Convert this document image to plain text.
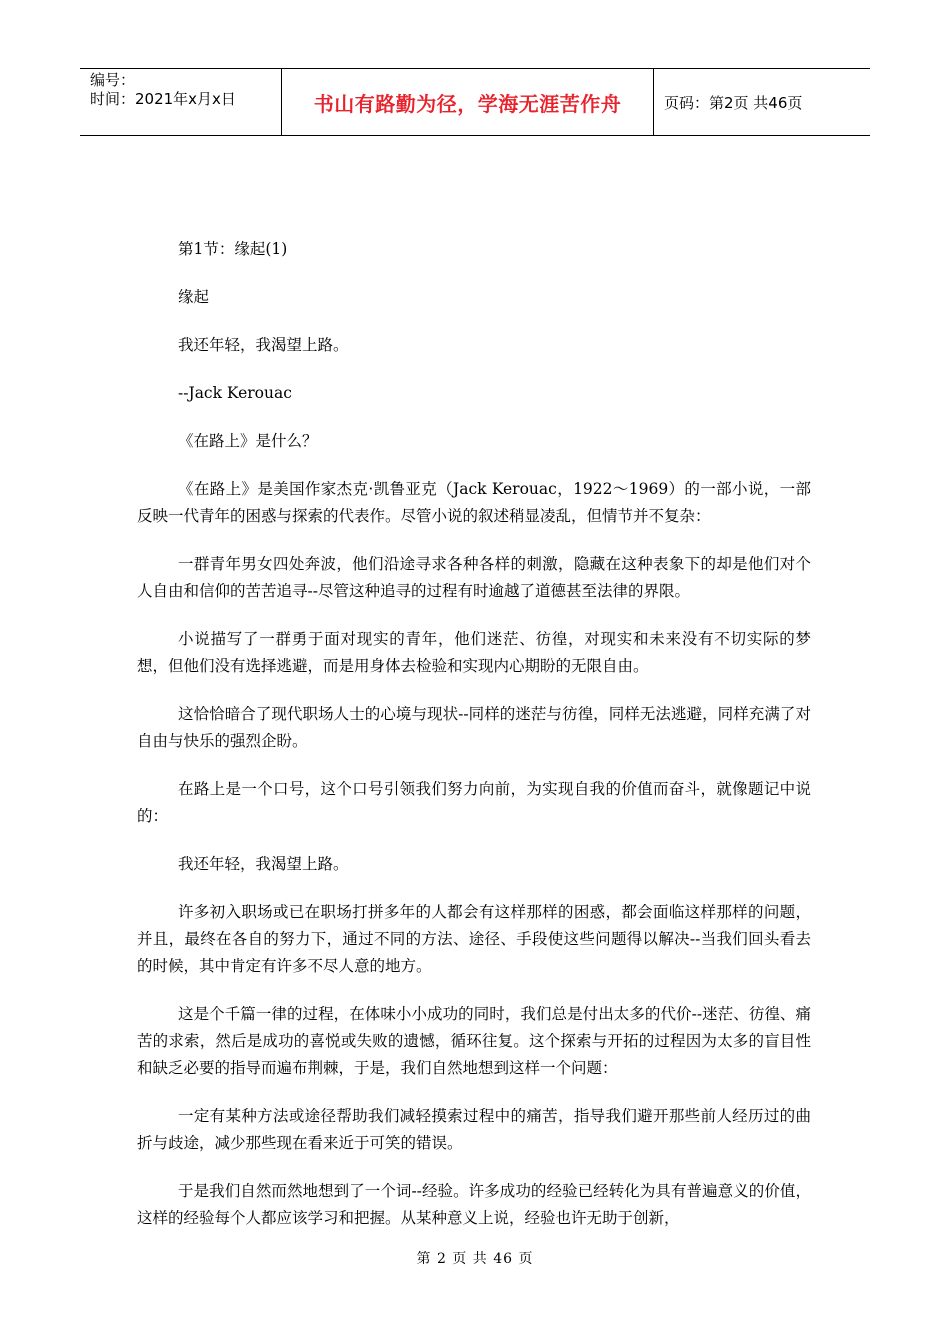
编号：
时间：2021年x月x日	书山有路勤为径，学海无涯苦作舟	页码：第2页 共46页

第1节：缘起(1)

缘起

我还年轻，我渴望上路。

--Jack Kerouac

《在路上》是什么？

《在路上》是美国作家杰克·凯鲁亚克（Jack Kerouac，1922～1969）的一部小说，一部反映一代青年的困惑与探索的代表作。尽管小说的叙述稍显凌乱，但情节并不复杂：

一群青年男女四处奔波，他们沿途寻求各种各样的刺激，隐藏在这种表象下的却是他们对个人自由和信仰的苦苦追寻--尽管这种追寻的过程有时逾越了道德甚至法律的界限。

小说描写了一群勇于面对现实的青年，他们迷茫、彷徨，对现实和未来没有不切实际的梦想，但他们没有选择逃避，而是用身体去检验和实现内心期盼的无限自由。

这恰恰暗合了现代职场人士的心境与现状--同样的迷茫与彷徨，同样无法逃避，同样充满了对自由与快乐的强烈企盼。

在路上是一个口号，这个口号引领我们努力向前，为实现自我的价值而奋斗，就像题记中说的：

我还年轻，我渴望上路。

许多初入职场或已在职场打拼多年的人都会有这样那样的困惑，都会面临这样那样的问题，并且，最终在各自的努力下，通过不同的方法、途径、手段使这些问题得以解决--当我们回头看去的时候，其中肯定有许多不尽人意的地方。

这是个千篇一律的过程，在体味小小成功的同时，我们总是付出太多的代价--迷茫、彷徨、痛苦的求索，然后是成功的喜悦或失败的遗憾，循环往复。这个探索与开拓的过程因为太多的盲目性和缺乏必要的指导而遍布荆棘，于是，我们自然地想到这样一个问题：

一定有某种方法或途径帮助我们减轻摸索过程中的痛苦，指导我们避开那些前人经历过的曲折与歧途，减少那些现在看来近于可笑的错误。

于是我们自然而然地想到了一个词--经验。许多成功的经验已经转化为具有普遍意义的价值，这样的经验每个人都应该学习和把握。从某种意义上说，经验也许无助于创新，

第 2 页 共 46 页
